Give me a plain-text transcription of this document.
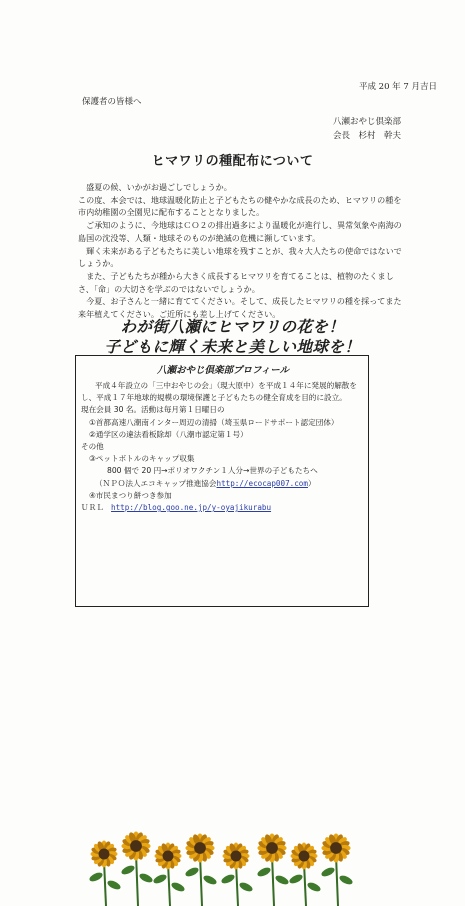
平成 20 年 7 月吉日
保護者の皆様へ
八瀬おやじ倶楽部
会長　杉村　幹夫
ヒマワリの種配布について

盛夏の候、いかがお過ごしでしょうか。

この度、本会では、地球温暖化防止と子どもたちの健やかな成長のため、ヒマワリの種を市内幼稚園の全園児に配布することとなりました。

ご承知のように、今地球はＣＯ２の排出過多により温暖化が進行し、異常気象や南海の島国の沈没等、人類・地球そのものが絶滅の危機に瀕しています。

輝く未来がある子どもたちに美しい地球を残すことが、我々大人たちの使命ではないでしょうか。

また、子どもたちが種から大きく成長するヒマワリを育てることは、植物のたくましさ、「命」の大切さを学ぶのではないでしょうか。

今夏、お子さんと一緒に育ててください。そして、成長したヒマワリの種を採ってまた来年植えてください。ご近所にも差し上げてください。

わが街八瀬にヒマワリの花を！
子どもに輝く未来と美しい地球を！
八瀬おやじ倶楽部プロフィール
平成４年設立の「三中おやじの会」（現大原中）を平成１４年に発展的解散を
し、平成１７年地球的規模の環境保護と子どもたちの健全育成を目的に設立。
現在会員 30 名。活動は毎月第１日曜日の
①首都高速八潮南インター周辺の清掃（埼玉県ロードサポート認定団体）
②通学区の違法看板除却（八潮市認定第１号）
その他
③ペットボトルのキャップ収集
800 個で 20 円→ポリオワクチン１人分→世界の子どもたちへ
（ＮＰＯ法人エコキャップ推進協会http://ecocap007.com）
④市民まつり餅つき参加
ＵＲＬ http://blog.goo.ne.jp/y-oyajikurabu
